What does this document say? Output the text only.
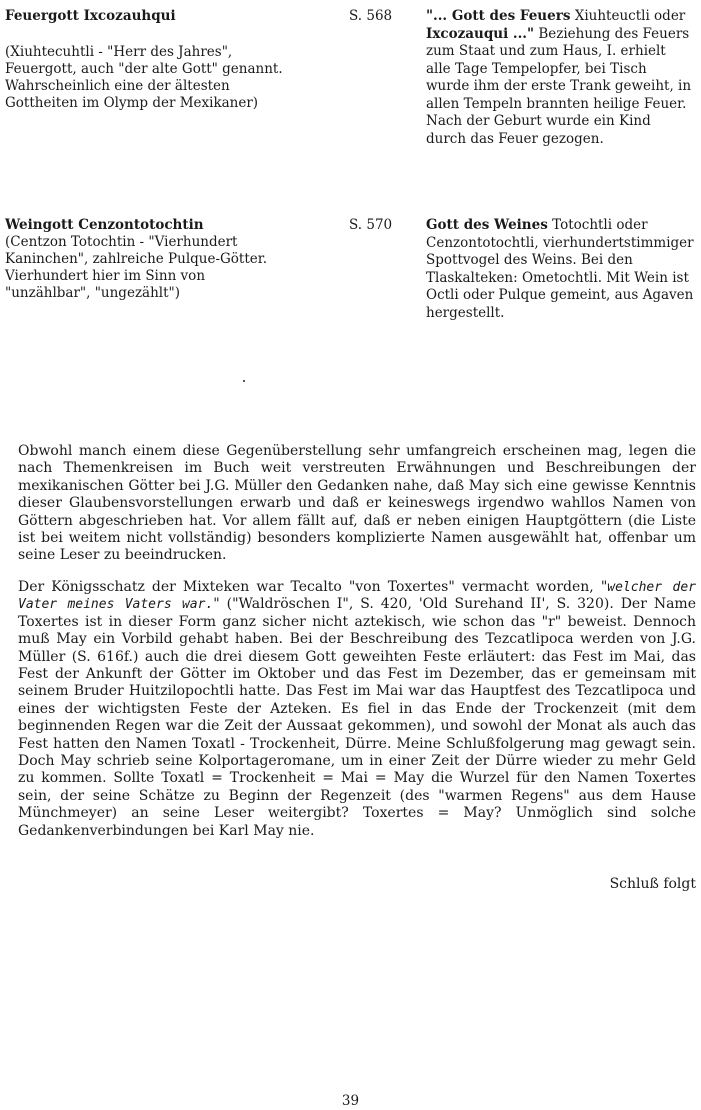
Feuergott Ixcozauhqui
(Xiuhtecuhtli - "Herr des Jahres", Feuergott, auch "der alte Gott" genannt. Wahrscheinlich eine der ältesten Gottheiten im Olymp der Mexikaner)
S. 568	"... Gott des Feuers Xiuhteuctli oder Ixcozauqui ..." Beziehung des Feuers zum Staat und zum Haus, I. erhielt alle Tage Tempelopfer, bei Tisch wurde ihm der erste Trank geweiht, in allen Tempeln brannten heilige Feuer. Nach der Geburt wurde ein Kind durch das Feuer gezogen.
Weingott Cenzontotochtin
(Centzon Totochtin - "Vierhundert Kaninchen", zahlreiche Pulque-Götter. Vierhundert hier im Sinn von "unzählbar", "ungezählt")
S. 570	Gott des Weines Totochtli oder Cenzontotochtli, vierhundertstimmiger Spottvogel des Weins. Bei den Tlaskalteken: Ometochtli. Mit Wein ist Octli oder Pulque gemeint, aus Agaven hergestellt.

Obwohl manch einem diese Gegenüberstellung sehr umfangreich erscheinen mag, legen die nach Themenkreisen im Buch weit verstreuten Erwähnungen und Beschreibungen der mexikanischen Götter bei J.G. Müller den Gedanken nahe, daß May sich eine gewisse Kenntnis dieser Glaubensvorstellungen erwarb und daß er keineswegs irgendwo wahllos Namen von Göttern abgeschrieben hat. Vor allem fällt auf, daß er neben einigen Hauptgöttern (die Liste ist bei weitem nicht vollständig) besonders komplizierte Namen ausgewählt hat, offenbar um seine Leser zu beeindrucken.

Der Königsschatz der Mixteken war Tecalto "von Toxertes" vermacht worden, "welcher der Vater meines Vaters war." ("Waldröschen I", S. 420, 'Old Surehand II', S. 320). Der Name Toxertes ist in dieser Form ganz sicher nicht aztekisch, wie schon das "r" beweist. Dennoch muß May ein Vorbild gehabt haben. Bei der Beschreibung des Tezcatlipoca werden von J.G. Müller (S. 616f.) auch die drei diesem Gott geweihten Feste erläutert: das Fest im Mai, das Fest der Ankunft der Götter im Oktober und das Fest im Dezember, das er gemeinsam mit seinem Bruder Huitzilopochtli hatte. Das Fest im Mai war das Hauptfest des Tezcatlipoca und eines der wichtigsten Feste der Azteken. Es fiel in das Ende der Trockenzeit (mit dem beginnenden Regen war die Zeit der Aussaat gekommen), und sowohl der Monat als auch das Fest hatten den Namen Toxatl - Trockenheit, Dürre. Meine Schlußfolgerung mag gewagt sein. Doch May schrieb seine Kolportageromane, um in einer Zeit der Dürre wieder zu mehr Geld zu kommen. Sollte Toxatl = Trockenheit = Mai = May die Wurzel für den Namen Toxertes sein, der seine Schätze zu Beginn der Regenzeit (des "warmen Regens" aus dem Hause Münchmeyer) an seine Leser weitergibt? Toxertes = May? Unmöglich sind solche Gedankenverbindungen bei Karl May nie.

Schluß folgt
39
